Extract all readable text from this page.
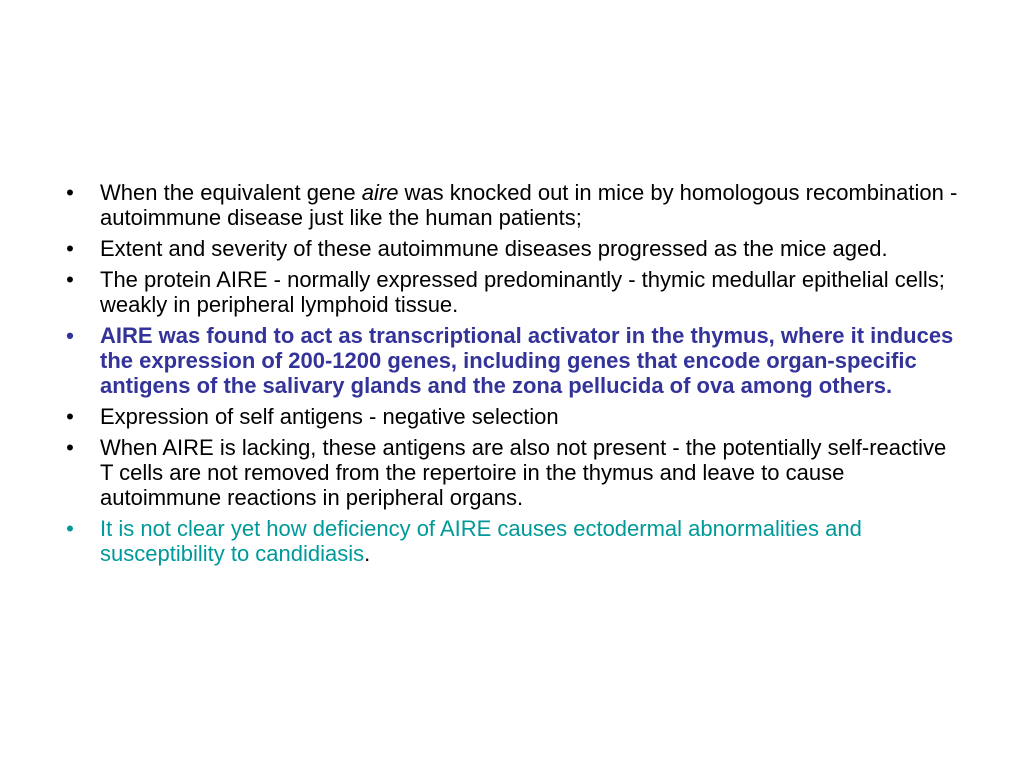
• When the equivalent gene aire was knocked out in mice by homologous recombination - autoimmune disease just like the human patients;
• Extent and severity of these autoimmune diseases progressed as the mice aged.
• The protein AIRE - normally expressed predominantly - thymic medullar epithelial cells; weakly in peripheral lymphoid tissue.
• AIRE was found to act as transcriptional activator in the thymus, where it induces the expression of 200-1200 genes, including genes that encode organ-specific antigens of the salivary glands and the zona pellucida of ova among others.
• Expression of self antigens - negative selection
• When AIRE is lacking, these antigens are also not present - the potentially self-reactive T cells are not removed from the repertoire in the thymus and leave to cause autoimmune reactions in peripheral organs.
• It is not clear yet how deficiency of AIRE causes ectodermal abnormalities and susceptibility to candidiasis.
